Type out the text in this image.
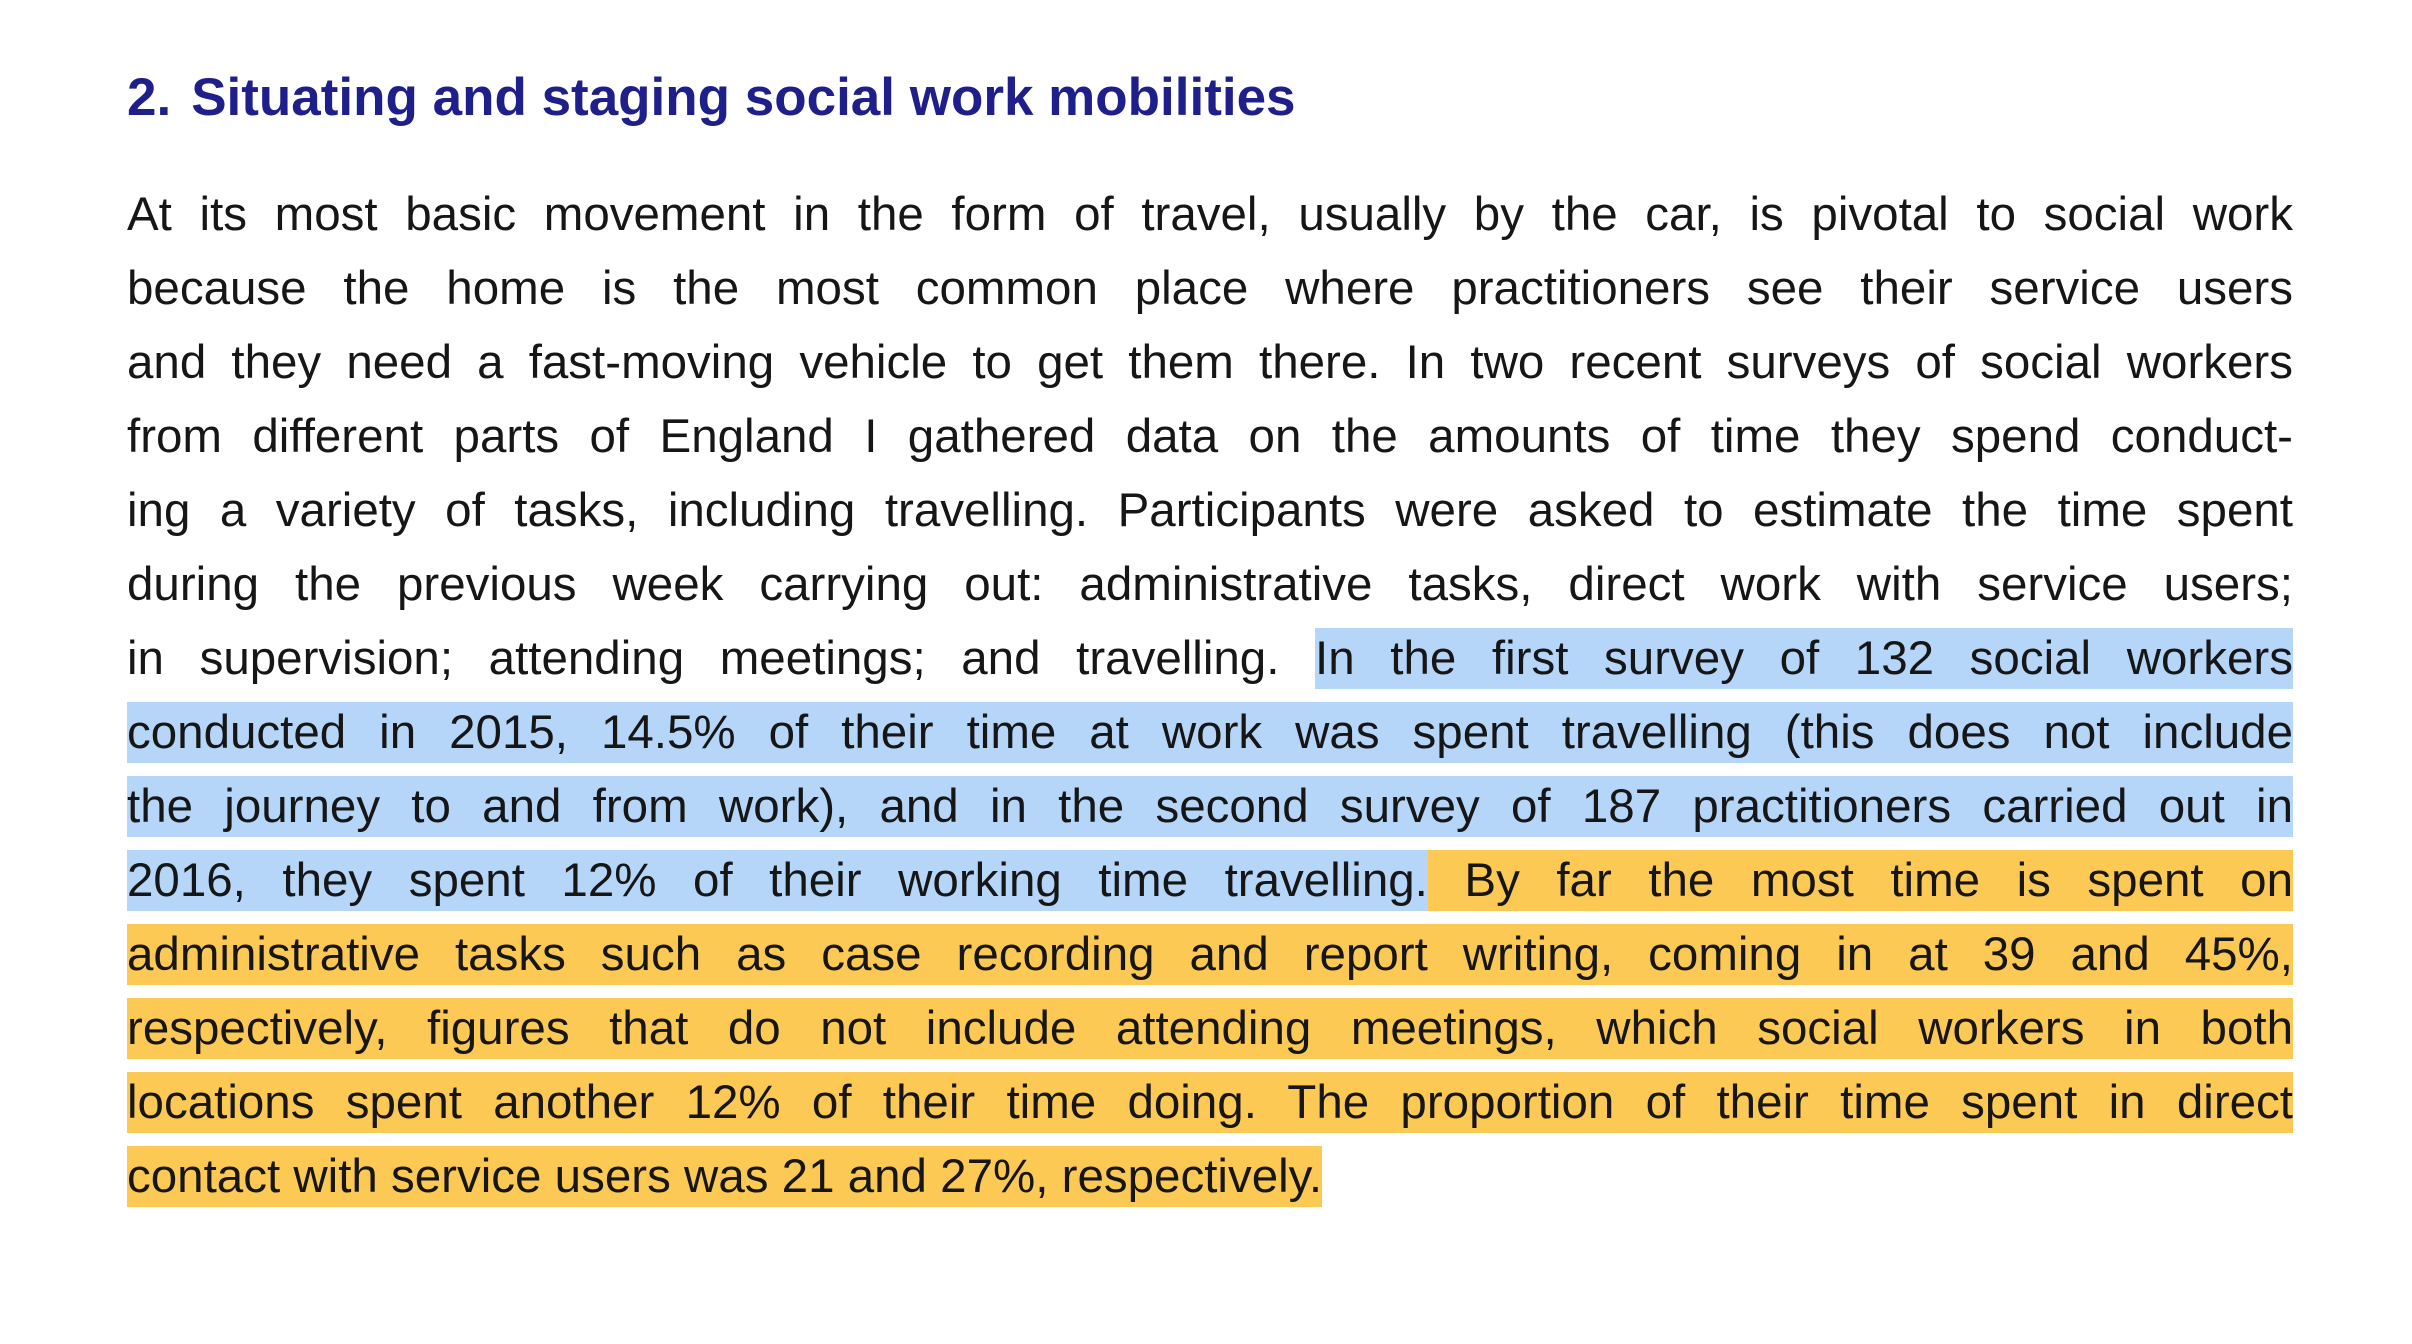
2. Situating and staging social work mobilities
At its most basic movement in the form of travel, usually by the car, is pivotal to social work
because the home is the most common place where practitioners see their service users
and they need a fast-moving vehicle to get them there. In two recent surveys of social workers
from different parts of England I gathered data on the amounts of time they spend conduct-
ing a variety of tasks, including travelling. Participants were asked to estimate the time spent
during the previous week carrying out: administrative tasks, direct work with service users;
in supervision; attending meetings; and travelling. In the first survey of 132 social workers
conducted in 2015, 14.5% of their time at work was spent travelling (this does not include
the journey to and from work), and in the second survey of 187 practitioners carried out in
2016, they spent 12% of their working time travelling. By far the most time is spent on
administrative tasks such as case recording and report writing, coming in at 39 and 45%,
respectively, figures that do not include attending meetings, which social workers in both
locations spent another 12% of their time doing. The proportion of their time spent in direct
contact with service users was 21 and 27%, respectively.
